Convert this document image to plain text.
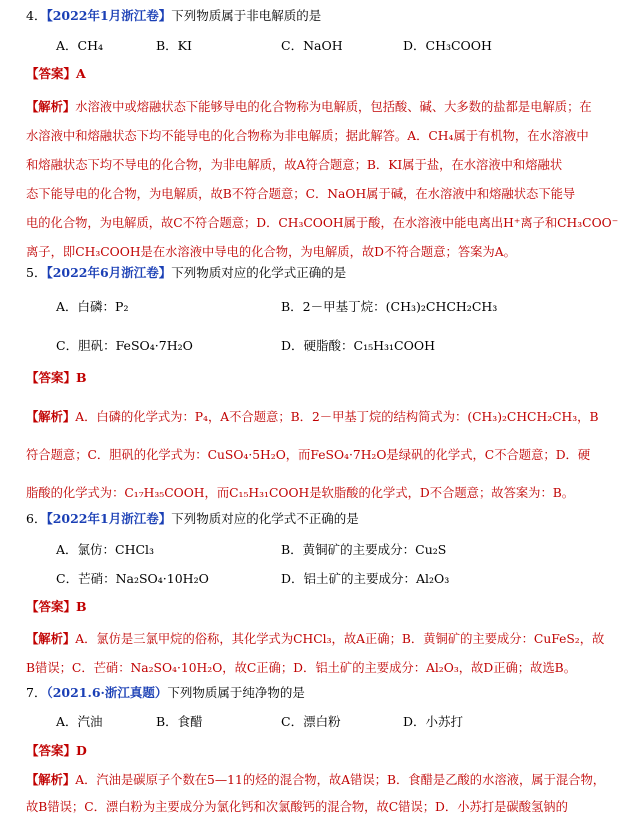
4．【2022年1月浙江卷】下列物质属于非电解质的是
A．CH₄	B．KI	C．NaOH	D．CH₃COOH
【答案】A
【解析】水溶液中或熔融状态下能够导电的化合物称为电解质，包括酸、碱、大多数的盐都是电解质；在
水溶液中和熔融状态下均不能导电的化合物称为非电解质；据此解答。A．CH₄属于有机物，在水溶液中
和熔融状态下均不导电的化合物，为非电解质，故A符合题意；B．KI属于盐，在水溶液中和熔融状
态下能导电的化合物，为电解质，故B不符合题意；C．NaOH属于碱，在水溶液中和熔融状态下能导
电的化合物，为电解质，故C不符合题意；D．CH₃COOH属于酸，在水溶液中能电离出H⁺离子和CH₃COO⁻
离子，即CH₃COOH是在水溶液中导电的化合物，为电解质，故D不符合题意；答案为A。
5．【2022年6月浙江卷】下列物质对应的化学式正确的是
A．白磷：P₂	B．2－甲基丁烷：(CH₃)₂CHCH₂CH₃
C．胆矾：FeSO₄·7H₂O	D．硬脂酸：C₁₅H₃₁COOH
【答案】B
【解析】A．白磷的化学式为：P₄，A不合题意；B．2－甲基丁烷的结构简式为：(CH₃)₂CHCH₂CH₃，B
符合题意；C．胆矾的化学式为：CuSO₄·5H₂O，而FeSO₄·7H₂O是绿矾的化学式，C不合题意；D．硬
脂酸的化学式为：C₁₇H₃₅COOH，而C₁₅H₃₁COOH是软脂酸的化学式，D不合题意；故答案为：B。
6．【2022年1月浙江卷】下列物质对应的化学式不正确的是
A．氯仿：CHCl₃	B．黄铜矿的主要成分：Cu₂S
C．芒硝：Na₂SO₄·10H₂O	D．铝土矿的主要成分：Al₂O₃
【答案】B
【解析】A．氯仿是三氯甲烷的俗称，其化学式为CHCl₃，故A正确；B．黄铜矿的主要成分：CuFeS₂，故
B错误；C．芒硝：Na₂SO₄·10H₂O，故C正确；D．铝土矿的主要成分：Al₂O₃，故D正确；故选B。
7．（2021.6·浙江真题）下列物质属于纯净物的是
A．汽油	B．食醋	C．漂白粉	D．小苏打
【答案】D
【解析】A．汽油是碳原子个数在5—11的烃的混合物，故A错误；B．食醋是乙酸的水溶液，属于混合物，
故B错误；C．漂白粉为主要成分为氯化钙和次氯酸钙的混合物，故C错误；D．小苏打是碳酸氢钠的
